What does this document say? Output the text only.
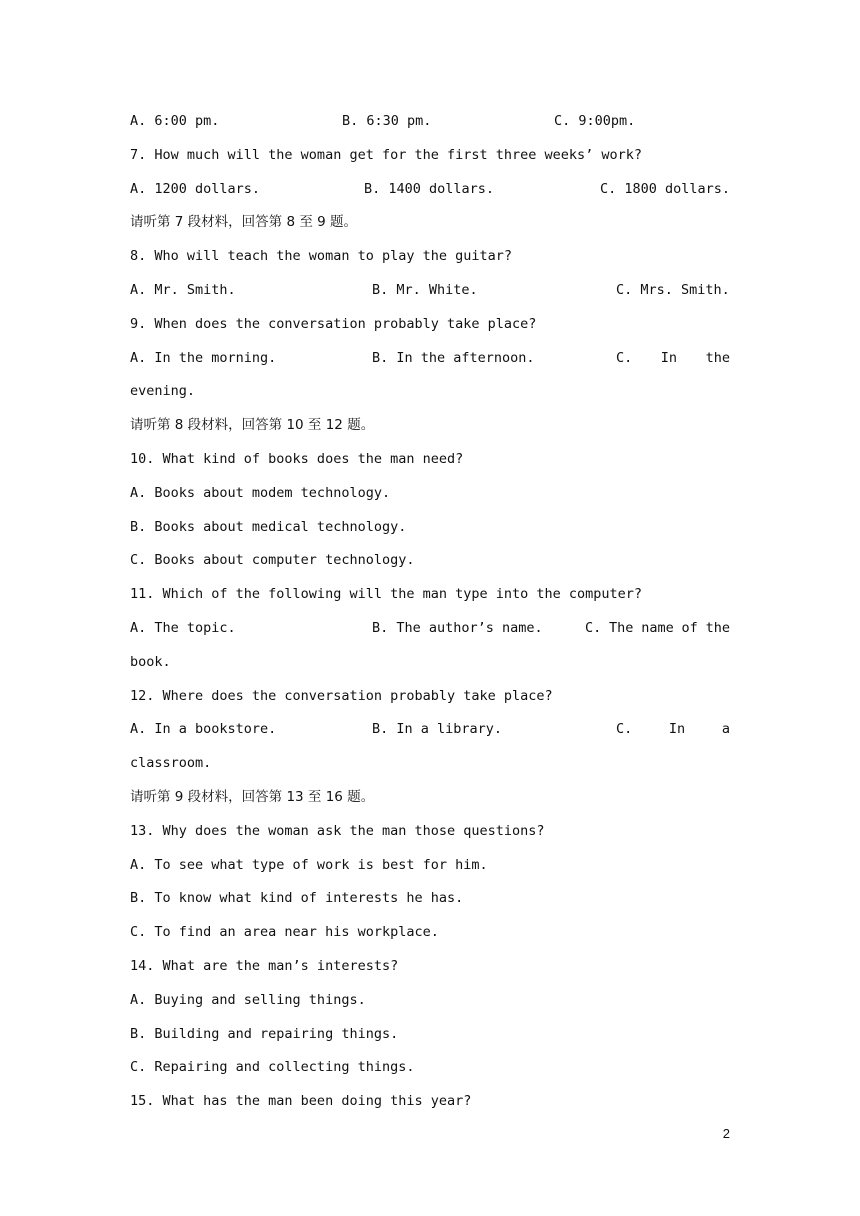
A. 6:00 pm.	B. 6:30 pm.	C. 9:00pm.
7. How much will the woman get for the first three weeks’ work?
A. 1200 dollars.	B. 1400 dollars.	C. 1800 dollars.
请听第 7 段材料，回答第 8 至 9 题。
8. Who will teach the woman to play the guitar?
A. Mr. Smith.	B. Mr. White.	C. Mrs. Smith.
9. When does the conversation probably take place?
A. In the morning.	B. In the afternoon.	C. In the
evening.
请听第 8 段材料，回答第 10 至 12 题。
10. What kind of books does the man need?
A. Books about modem technology.
B. Books about medical technology.
C. Books about computer technology.
11. Which of the following will the man type into the computer?
A. The topic.	B. The author’s name.	C. The name of the
book.
12. Where does the conversation probably take place?
A. In a bookstore.	B. In a library.	C.	In	a
classroom.
请听第 9 段材料，回答第 13 至 16 题。
13. Why does the woman ask the man those questions?
A. To see what type of work is best for him.
B. To know what kind of interests he has.
C. To find an area near his workplace.
14. What are the man’s interests?
A. Buying and selling things.
B. Building and repairing things.
C. Repairing and collecting things.
15. What has the man been doing this year?
2
